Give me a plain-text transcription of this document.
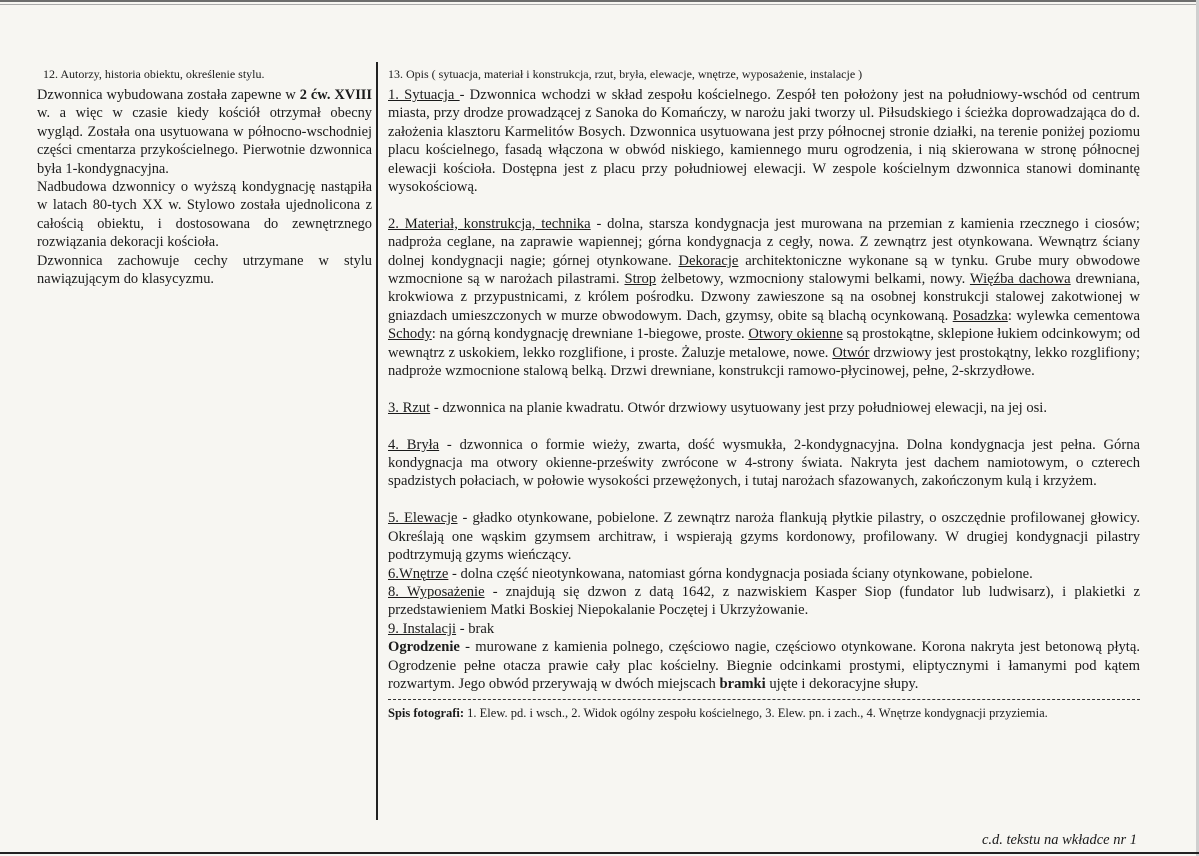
12. Autorzy, historia obiektu, określenie stylu.

Dzwonnica wybudowana została zapewne w 2 ćw. XVIII w. a więc w czasie kiedy kościół otrzymał obecny wygląd. Została ona usytuowana w północno-wschodniej części cmentarza przykościelnego. Pierwotnie dzwonnica była 1-kondygnacyjna.

Nadbudowa dzwonnicy o wyższą kondygnację nastąpiła w latach 80-tych XX w. Stylowo została ujednolicona z całością obiektu, i dostosowana do zewnętrznego rozwiązania dekoracji kościoła.

Dzwonnica zachowuje cechy utrzymane w stylu nawiązującym do klasycyzmu.

13. Opis ( sytuacja, materiał i konstrukcja, rzut, bryła, elewacje, wnętrze, wyposażenie, instalacje )

1. Sytuacja - Dzwonnica wchodzi w skład zespołu kościelnego. Zespół ten położony jest na południowy-wschód od centrum miasta, przy drodze prowadzącej z Sanoka do Komańczy, w narożu jaki tworzy ul. Piłsudskiego i ścieżka doprowadzająca do d. założenia klasztoru Karmelitów Bosych. Dzwonnica usytuowana jest przy północnej stronie działki, na terenie poniżej poziomu placu kościelnego, fasadą włączona w obwód niskiego, kamiennego muru ogrodzenia, i nią skierowana w stronę północnej elewacji kościoła. Dostępna jest z placu przy południowej elewacji. W zespole kościelnym dzwonnica stanowi dominantę wysokościową.

2. Materiał, konstrukcja, technika - dolna, starsza kondygnacja jest murowana na przemian z kamienia rzecznego i ciosów; nadproża ceglane, na zaprawie wapiennej; górna kondygnacja z cegły, nowa. Z zewnątrz jest otynkowana. Wewnątrz ściany dolnej kondygnacji nagie; górnej otynkowane. Dekoracje architektoniczne wykonane są w tynku. Grube mury obwodowe wzmocnione są w narożach pilastrami. Strop żelbetowy, wzmocniony stalowymi belkami, nowy. Więźba dachowa drewniana, krokwiowa z przypustnicami, z królem pośrodku. Dzwony zawieszone są na osobnej konstrukcji stalowej zakotwionej w gniazdach umieszczonych w murze obwodowym. Dach, gzymsy, obite są blachą ocynkowaną. Posadzka: wylewka cementowa Schody: na górną kondygnację drewniane 1-biegowe, proste. Otwory okienne są prostokątne, sklepione łukiem odcinkowym; od wewnątrz z uskokiem, lekko rozglifione, i proste. Żaluzje metalowe, nowe. Otwór drzwiowy jest prostokątny, lekko rozglifiony; nadproże wzmocnione stalową belką. Drzwi drewniane, konstrukcji ramowo-płycinowej, pełne, 2-skrzydłowe.

3. Rzut - dzwonnica na planie kwadratu. Otwór drzwiowy usytuowany jest przy południowej elewacji, na jej osi.

4. Bryła - dzwonnica o formie wieży, zwarta, dość wysmukła, 2-kondygnacyjna. Dolna kondygnacja jest pełna. Górna kondygnacja ma otwory okienne-prześwity zwrócone w 4-strony świata. Nakryta jest dachem namiotowym, o czterech spadzistych połaciach, w połowie wysokości przewężonych, i tutaj narożach sfazowanych, zakończonym kulą i krzyżem.

5. Elewacje - gładko otynkowane, pobielone. Z zewnątrz naroża flankują płytkie pilastry, o oszczędnie profilowanej głowicy. Określają one wąskim gzymsem architraw, i wspierają gzyms kordonowy, profilowany. W drugiej kondygnacji pilastry podtrzymują gzyms wieńczący.

6.Wnętrze - dolna część nieotynkowana, natomiast górna kondygnacja posiada ściany otynkowane, pobielone.

8. Wyposażenie - znajdują się dzwon z datą 1642, z nazwiskiem Kasper Siop (fundator lub ludwisarz), i plakietki z przedstawieniem Matki Boskiej Niepokalanie Poczętej i Ukrzyżowanie.

9. Instalacji - brak

Ogrodzenie - murowane z kamienia polnego, częściowo nagie, częściowo otynkowane. Korona nakryta jest betonową płytą. Ogrodzenie pełne otacza prawie cały plac kościelny. Biegnie odcinkami prostymi, eliptycznymi i łamanymi pod kątem rozwartym. Jego obwód przerywają w dwóch miejscach bramki ujęte i dekoracyjne słupy.

Spis fotografi: 1. Elew. pd. i wsch., 2. Widok ogólny zespołu kościelnego, 3. Elew. pn. i zach., 4. Wnętrze kondygnacji przyziemia.

c.d. tekstu na wkładce nr 1
